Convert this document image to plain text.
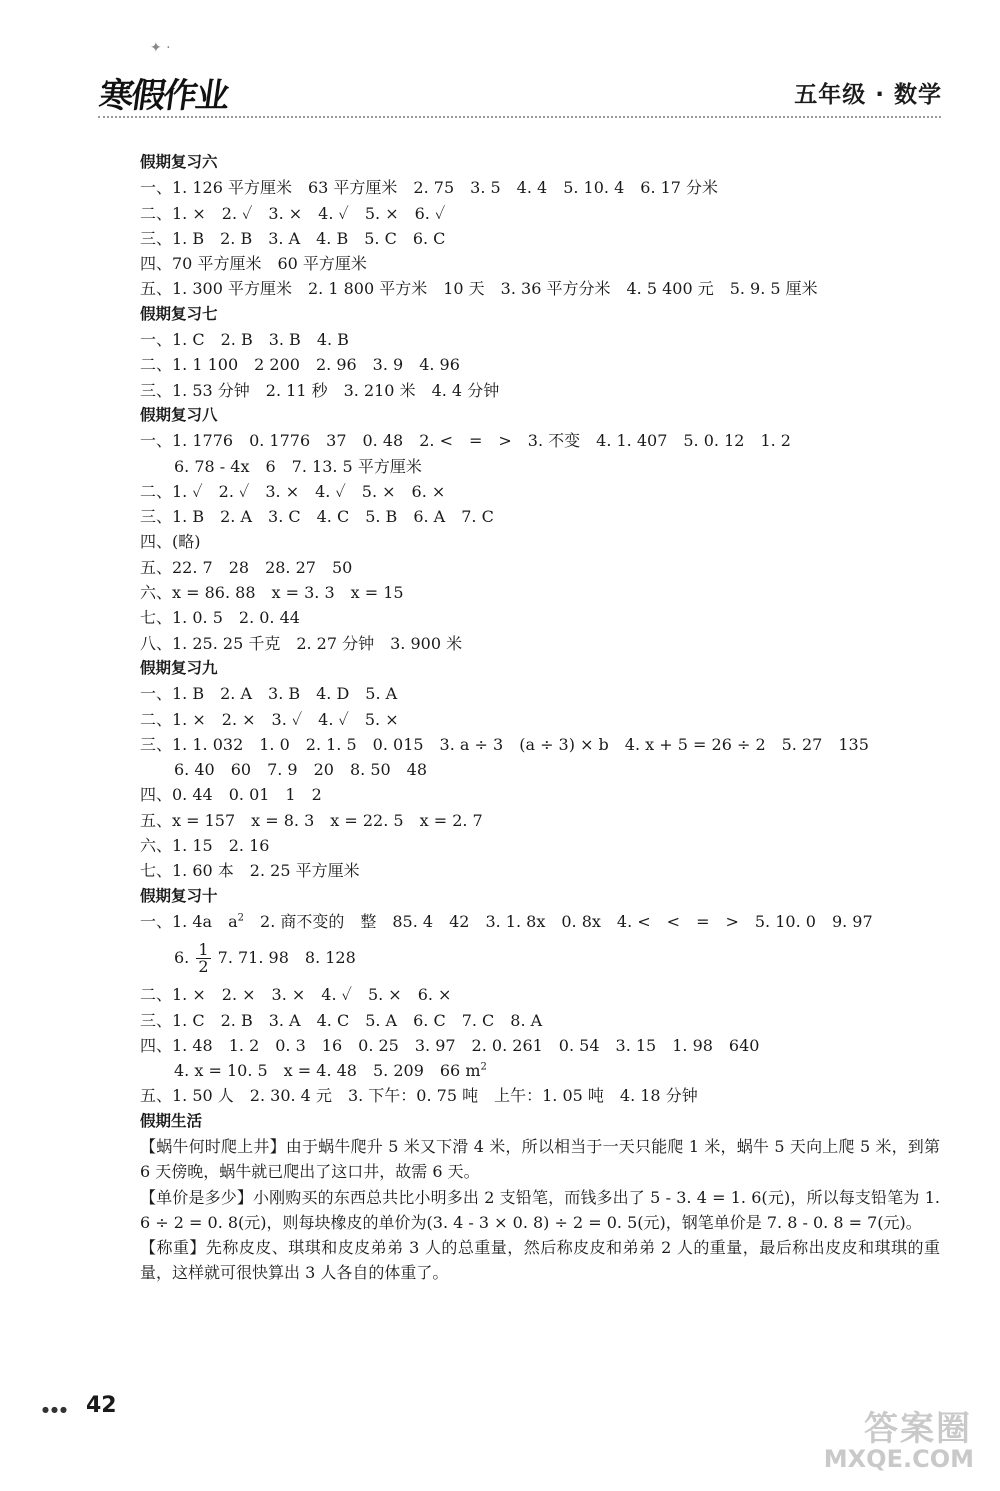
✦ ·
寒假作业	五年级 · 数学
假期复习六
一、1. 126 平方厘米　63 平方厘米　2. 75　3. 5　4. 4　5. 10. 4　6. 17 分米
二、1. ×　2. ✓　3. ×　4. ✓　5. ×　6. ✓
三、1. B　2. B　3. A　4. B　5. C　6. C
四、70 平方厘米　60 平方厘米
五、1. 300 平方厘米　2. 1 800 平方米　10 天　3. 36 平方分米　4. 5 400 元　5. 9. 5 厘米
假期复习七
一、1. C　2. B　3. B　4. B
二、1. 1 100　2 200　2. 96　3. 9　4. 96
三、1. 53 分钟　2. 11 秒　3. 210 米　4. 4 分钟
假期复习八
一、1. 1776　0. 1776　37　0. 48　2. <　=　>　3. 不变　4. 1. 407　5. 0. 12　1. 2
6. 78 - 4x　6　7. 13. 5 平方厘米
二、1. ✓　2. ✓　3. ×　4. ✓　5. ×　6. ×
三、1. B　2. A　3. C　4. C　5. B　6. A　7. C
四、(略)
五、22. 7　28　28. 27　50
六、x = 86. 88　x = 3. 3　x = 15
七、1. 0. 5　2. 0. 44
八、1. 25. 25 千克　2. 27 分钟　3. 900 米
假期复习九
一、1. B　2. A　3. B　4. D　5. A
二、1. ×　2. ×　3. ✓　4. ✓　5. ×
三、1. 1. 032　1. 0　2. 1. 5　0. 015　3. a ÷ 3　(a ÷ 3) × b　4. x + 5 = 26 ÷ 2　5. 27　135
6. 40　60　7. 9　20　8. 50　48
四、0. 44　0. 01　1　2
五、x = 157　x = 8. 3　x = 22. 5　x = 2. 7
六、1. 15　2. 16
七、1. 60 本　2. 25 平方厘米
假期复习十
一、1. 4a　$a^2$　 2. 商不变的　整　85. 4　42　3. 1. 8x　0. 8x　4. <　<　=　>　5. 10. 0　9. 97
6. $\frac{1}{2} 7$. 71. 98　8. 128
二、1. ×　2. ×　3. ×　4. ✓　5. ×　6. ×
三、1. C　2. B　3. A　4. C　5. A　6. C　7. C　8. A
四、1. 48　1. 2　0. 3　16　0. 25　3. 97　2. 0. 261　0. 54　3. 15　1. 98　640
4. x = 10. 5　x = 4. 48　5. 209　66 $m^2$
五、1. 50 人　2. 30. 4 元　3. 下午：0. 75 吨　上午：1. 05 吨　4. 18 分钟
假期生活

【蜗牛何时爬上井】由于蜗牛爬升 5 米又下滑 4 米，所以相当于一天只能爬 1 米，蜗牛 5 天向上爬 5 米，到第 6 天傍晚，蜗牛就已爬出了这口井，故需 6 天。

【单价是多少】小刚购买的东西总共比小明多出 2 支铅笔，而钱多出了 5 - 3. 4 = 1. 6(元)，所以每支铅笔为 1. 6 ÷ 2 = 0. 8(元)，则每块橡皮的单价为(3. 4 - 3 × 0. 8) ÷ 2 = 0. 5(元)，钢笔单价是 7. 8 - 0. 8 = 7(元)。

【称重】先称皮皮、琪琪和皮皮弟弟 3 人的总重量，然后称皮皮和弟弟 2 人的重量，最后称出皮皮和琪琪的重量，这样就可很快算出 3 人各自的体重了。

●●● 42
答案圈
MXQE.COM
